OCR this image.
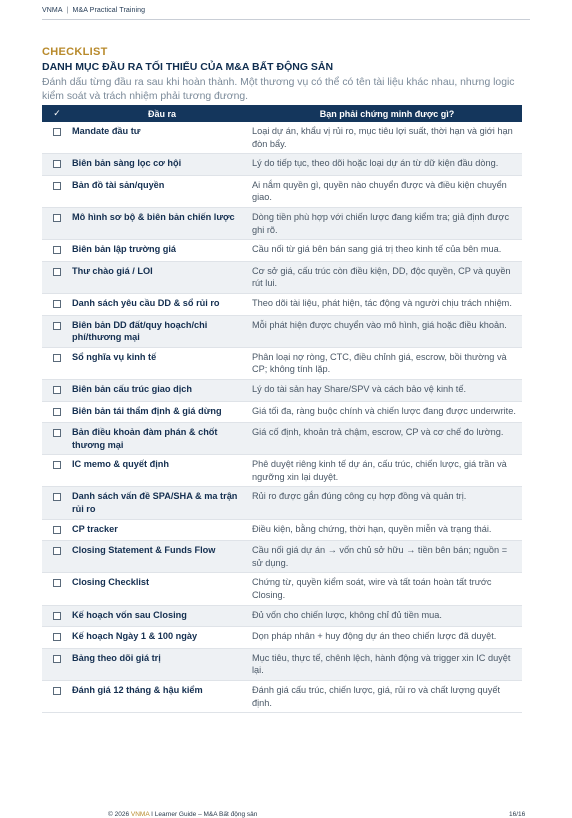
VNMA | M&A Practical Training
CHECKLIST
DANH MỤC ĐẦU RA TỐI THIỂU CỦA M&A BẤT ĐỘNG SẢN
Đánh dấu từng đầu ra sau khi hoàn thành. Một thương vụ có thể có tên tài liệu khác nhau, nhưng logic kiểm soát và trách nhiệm phải tương đương.
✓	Đầu ra	Bạn phải chứng minh được gì?
	Mandate đầu tư	Loại dự án, khẩu vị rủi ro, mục tiêu lợi suất, thời hạn và giới hạn đòn bẩy.
	Biên bản sàng lọc cơ hội	Lý do tiếp tục, theo dõi hoặc loại dự án từ dữ kiện đầu dòng.
	Bản đồ tài sản/quyền	Ai nắm quyền gì, quyền nào chuyển được và điều kiện chuyển giao.
	Mô hình sơ bộ & biên bản chiến lược	Dòng tiền phù hợp với chiến lược đang kiểm tra; giả định được ghi rõ.
	Biên bản lập trường giá	Cầu nối từ giá bên bán sang giá trị theo kinh tế của bên mua.
	Thư chào giá / LOI	Cơ sở giá, cấu trúc còn điều kiện, DD, độc quyền, CP và quyền rút lui.
	Danh sách yêu cầu DD & sổ rủi ro	Theo dõi tài liệu, phát hiện, tác động và người chịu trách nhiệm.
	Biên bản DD đất/quy hoạch/chi phí/thương mại	Mỗi phát hiện được chuyển vào mô hình, giá hoặc điều khoản.
	Sổ nghĩa vụ kinh tế	Phân loại nợ ròng, CTC, điều chỉnh giá, escrow, bồi thường và CP; không tính lặp.
	Biên bản cấu trúc giao dịch	Lý do tài sản hay Share/SPV và cách bảo vệ kinh tế.
	Biên bản tái thẩm định & giá dừng	Giá tối đa, ràng buộc chính và chiến lược đang được underwrite.
	Bản điều khoản đàm phán & chốt thương mại	Giá cố định, khoản trả chậm, escrow, CP và cơ chế đo lường.
	IC memo & quyết định	Phê duyệt riêng kinh tế dự án, cấu trúc, chiến lược, giá trần và ngưỡng xin lại duyệt.
	Danh sách vấn đề SPA/SHA & ma trận rủi ro	Rủi ro được gắn đúng công cụ hợp đồng và quản trị.
	CP tracker	Điều kiện, bằng chứng, thời hạn, quyền miễn và trạng thái.
	Closing Statement & Funds Flow	Cầu nối giá dự án → vốn chủ sở hữu → tiền bên bán; nguồn = sử dụng.
	Closing Checklist	Chứng từ, quyền kiểm soát, wire và tất toán hoàn tất trước Closing.
	Kế hoạch vốn sau Closing	Đủ vốn cho chiến lược, không chỉ đủ tiền mua.
	Kế hoạch Ngày 1 & 100 ngày	Dọn pháp nhân + huy động dự án theo chiến lược đã duyệt.
	Bảng theo dõi giá trị	Mục tiêu, thực tế, chênh lệch, hành động và trigger xin IC duyệt lại.
	Đánh giá 12 tháng & hậu kiểm	Đánh giá cấu trúc, chiến lược, giá, rủi ro và chất lượng quyết định.
© 2026 VNMA I Learner Guide – M&A Bất động sản	16/16
